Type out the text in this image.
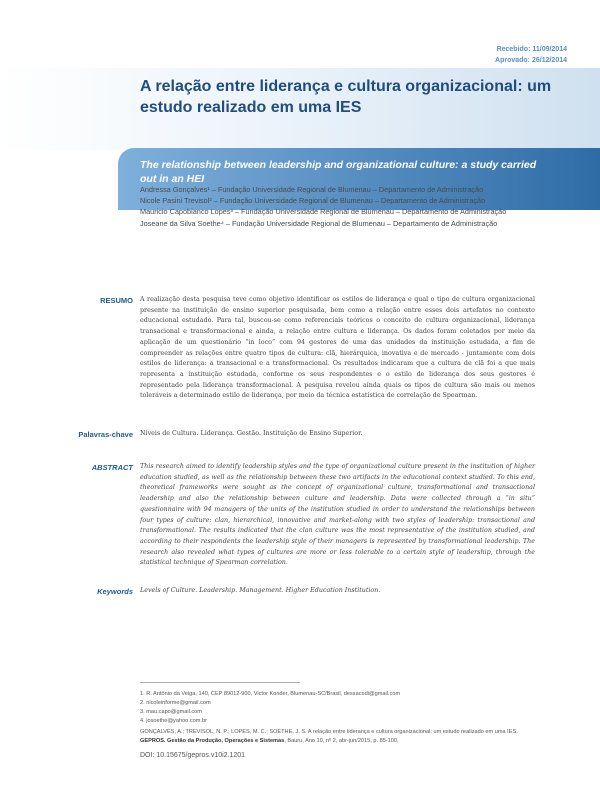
Recebido: 11/09/2014
Aprovado: 26/12/2014
A relação entre liderança e cultura organizacional: um estudo realizado em uma IES
The relationship between leadership and organizational culture: a study carried out in an HEI
Andressa Gonçalves¹ – Fundação Universidade Regional de Blumenau – Departamento de Administração
Nicole Pasini Trevisol² – Fundação Universidade Regional de Blumenau – Departamento de Administração
Mauricio Capobianco Lopes³ – Fundação Universidade Regional de Blumenau – Departamento de Administração
Joseane da Silva Soethe⁴ – Fundação Universidade Regional de Blumenau – Departamento de Administração
RESUMO A realização desta pesquisa teve como objetivo identificar os estilos de liderança e qual o tipo de cultura organizacional presente na instituição de ensino superior pesquisada, bem como a relação entre esses dois artefatos no contexto educacional estudado. Para tal, buscou-se como referenciais teóricos o conceito de cultura organizacional, liderança transacional e transformacional e ainda, a relação entre cultura e liderança. Os dados foram coletados por meio da aplicação de um questionário “in loco” com 94 gestores de uma das unidades da instituição estudada, a fim de compreender as relações entre quatro tipos de cultura: clã, hierárquica, inovativa e de mercado - juntamente com dois estilos de liderança: a transacional e a transformacional. Os resultados indicaram que a cultura de clã foi a que mais representa a instituição estudada, conforme os seus respondentes e o estilo de liderança dos seus gestores é representado pela liderança transformacional. A pesquisa revelou ainda quais os tipos de cultura são mais ou menos toleráveis a determinado estilo de liderança, por meio da técnica estatística de correlação de Spearman.
Palavras-chave Níveis de Cultura. Liderança. Gestão. Instituição de Ensino Superior.
ABSTRACT This research aimed to identify leadership styles and the type of organizational culture present in the institution of higher education studied, as well as the relationship between these two artifacts in the educational context studied. To this end, theoretical frameworks were sought as the concept of organizational culture, transformational and transactional leadership and also the relationship between culture and leadership. Data were collected through a “in situ” questionnaire with 94 managers of the units of the institution studied in order to understand the relationships between four types of culture: clan, hierarchical, innovative and market-along with two styles of leadership: transactional and transformational. The results indicated that the clan culture was the most representative of the institution studied, and according to their respondents the leadership style of their managers is represented by transformational leadership. The research also revealed what types of cultures are more or less tolerable to a certain style of leadership, through the statistical technique of Spearman correlation.
Keywords Levels of Culture. Leadership. Management. Higher Education Institution.
1. R. Antônio da Veiga, 140, CEP 89012-900, Victor Konder, Blumenau-SC/Brasil, dessacodi@gmail.com
2. nicoleinforme@gmail.com
3. mau.capo@gmail.com
4. josoethe@yahoo.com.br
GONÇALVES, A.; TREVISOL, N. P.; LOPES, M. C.; SOETHE, J. S. A relação entre liderança e cultura organizacional: um estudo realizado em uma IES.
GEPROS. Gestão da Produção, Operações e Sistemas, Bauru, Ano 10, nº 2, abr-jun/2015, p. 85-100.
DOI: 10.15675/gepros.v10i2.1201
